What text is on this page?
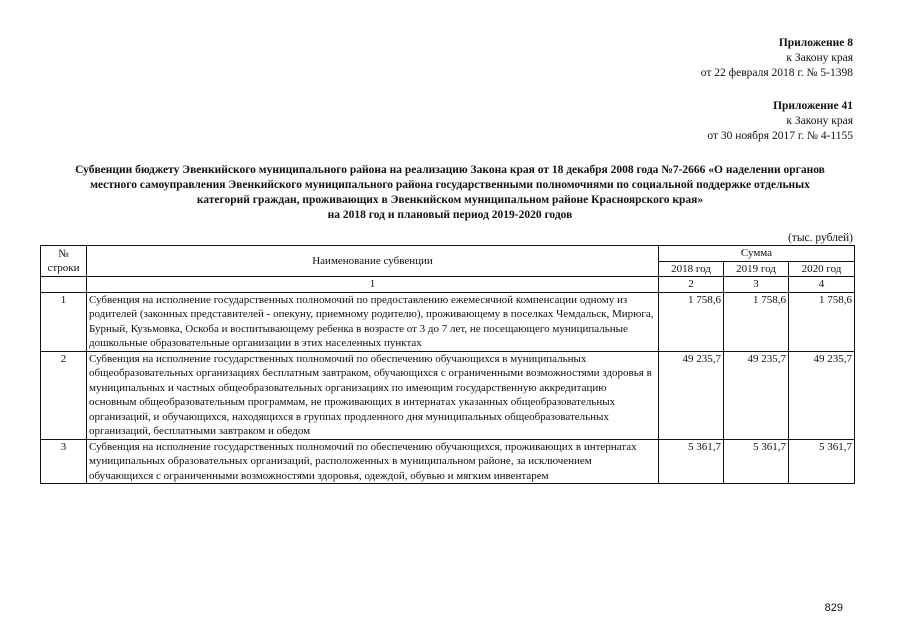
Приложение 8
к Закону края
от 22 февраля 2018 г. № 5-1398
Приложение 41
к Закону края
от 30 ноября 2017 г. № 4-1155
Субвенции бюджету Эвенкийского муниципального района на реализацию Закона края от 18 декабря 2008 года №7-2666 «О наделении органов
местного самоуправления Эвенкийского муниципального района государственными полномочиями по социальной поддержке отдельных
категорий граждан, проживающих в Эвенкийском муниципальном районе Красноярского края»
на 2018 год и плановый период 2019-2020 годов
(тыс. рублей)
№
строки	Наименование субвенции	Сумма		
		2018 год	2019 год	2020 год
	1	2	3	4
1	Субвенция на исполнение государственных полномочий по предоставлению ежемесячной компенсации одному из родителей (законных представителей - опекуну, приемному родителю), проживающему в поселках Чемдальск, Мирюга, Бурный, Кузьмовка, Оскоба и воспитывающему ребенка в возрасте от 3 до 7 лет, не посещающего муниципальные дошкольные образовательные организации в этих населенных пунктах	1 758,6	1 758,6	1 758,6
2	Субвенция на исполнение государственных полномочий по обеспечению обучающихся в муниципальных общеобразовательных организациях бесплатным завтраком, обучающихся с ограниченными возможностями здоровья в муниципальных и частных общеобразовательных организациях по имеющим государственную аккредитацию основным общеобразовательным программам, не проживающих в интернатах указанных общеобразовательных организаций, и обучающихся, находящихся в группах продленного дня муниципальных общеобразовательных организаций, бесплатными завтраком и обедом	49 235,7	49 235,7	49 235,7
3	Субвенция на исполнение государственных полномочий по обеспечению обучающихся, проживающих в интернатах муниципальных образовательных организаций, расположенных в муниципальном районе, за исключением обучающихся с ограниченными возможностями здоровья, одеждой, обувью и мягким инвентарем	5 361,7	5 361,7	5 361,7
829
